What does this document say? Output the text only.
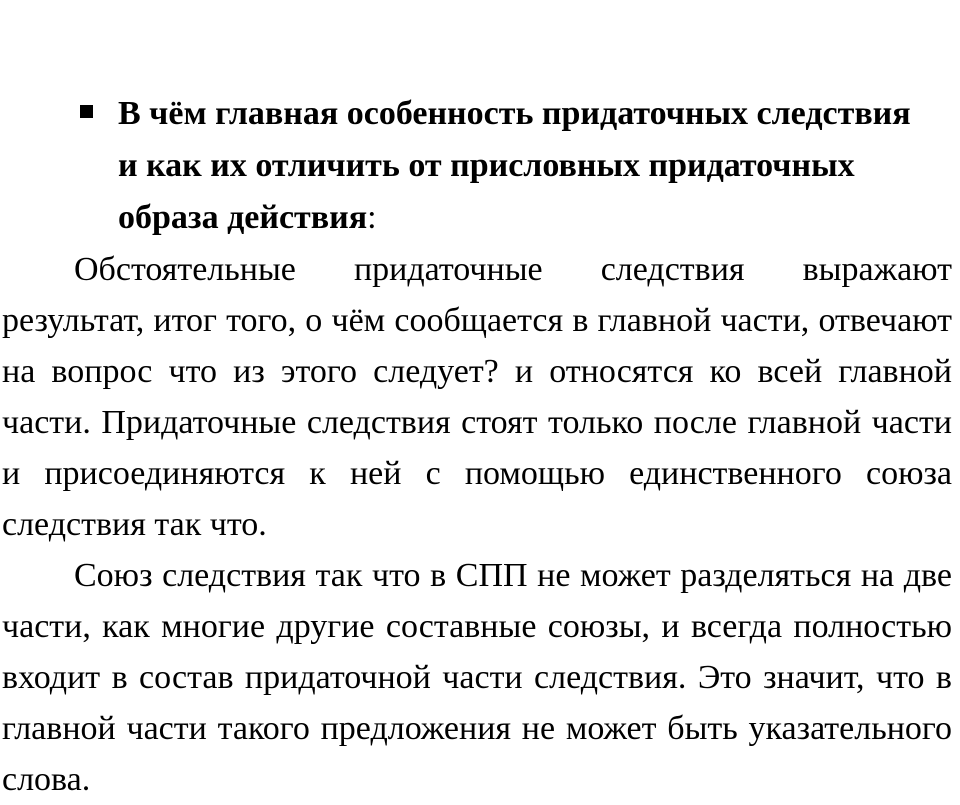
В чём главная особенность придаточных следствия и как их отличить от присловных придаточных образа действия:

Обстоятельные придаточные следствия выражают результат, итог того, о чём сообщается в главной части, отвечают на вопрос что из этого следует? и относятся ко всей главной части. Придаточные следствия стоят только после главной части и присоединяются к ней с помощью единственного союза следствия так что.

Союз следствия так что в СПП не может разделяться на две части, как многие другие составные союзы, и всегда полностью входит в состав придаточной части следствия. Это значит, что в главной части такого предложения не может быть указательного слова.
